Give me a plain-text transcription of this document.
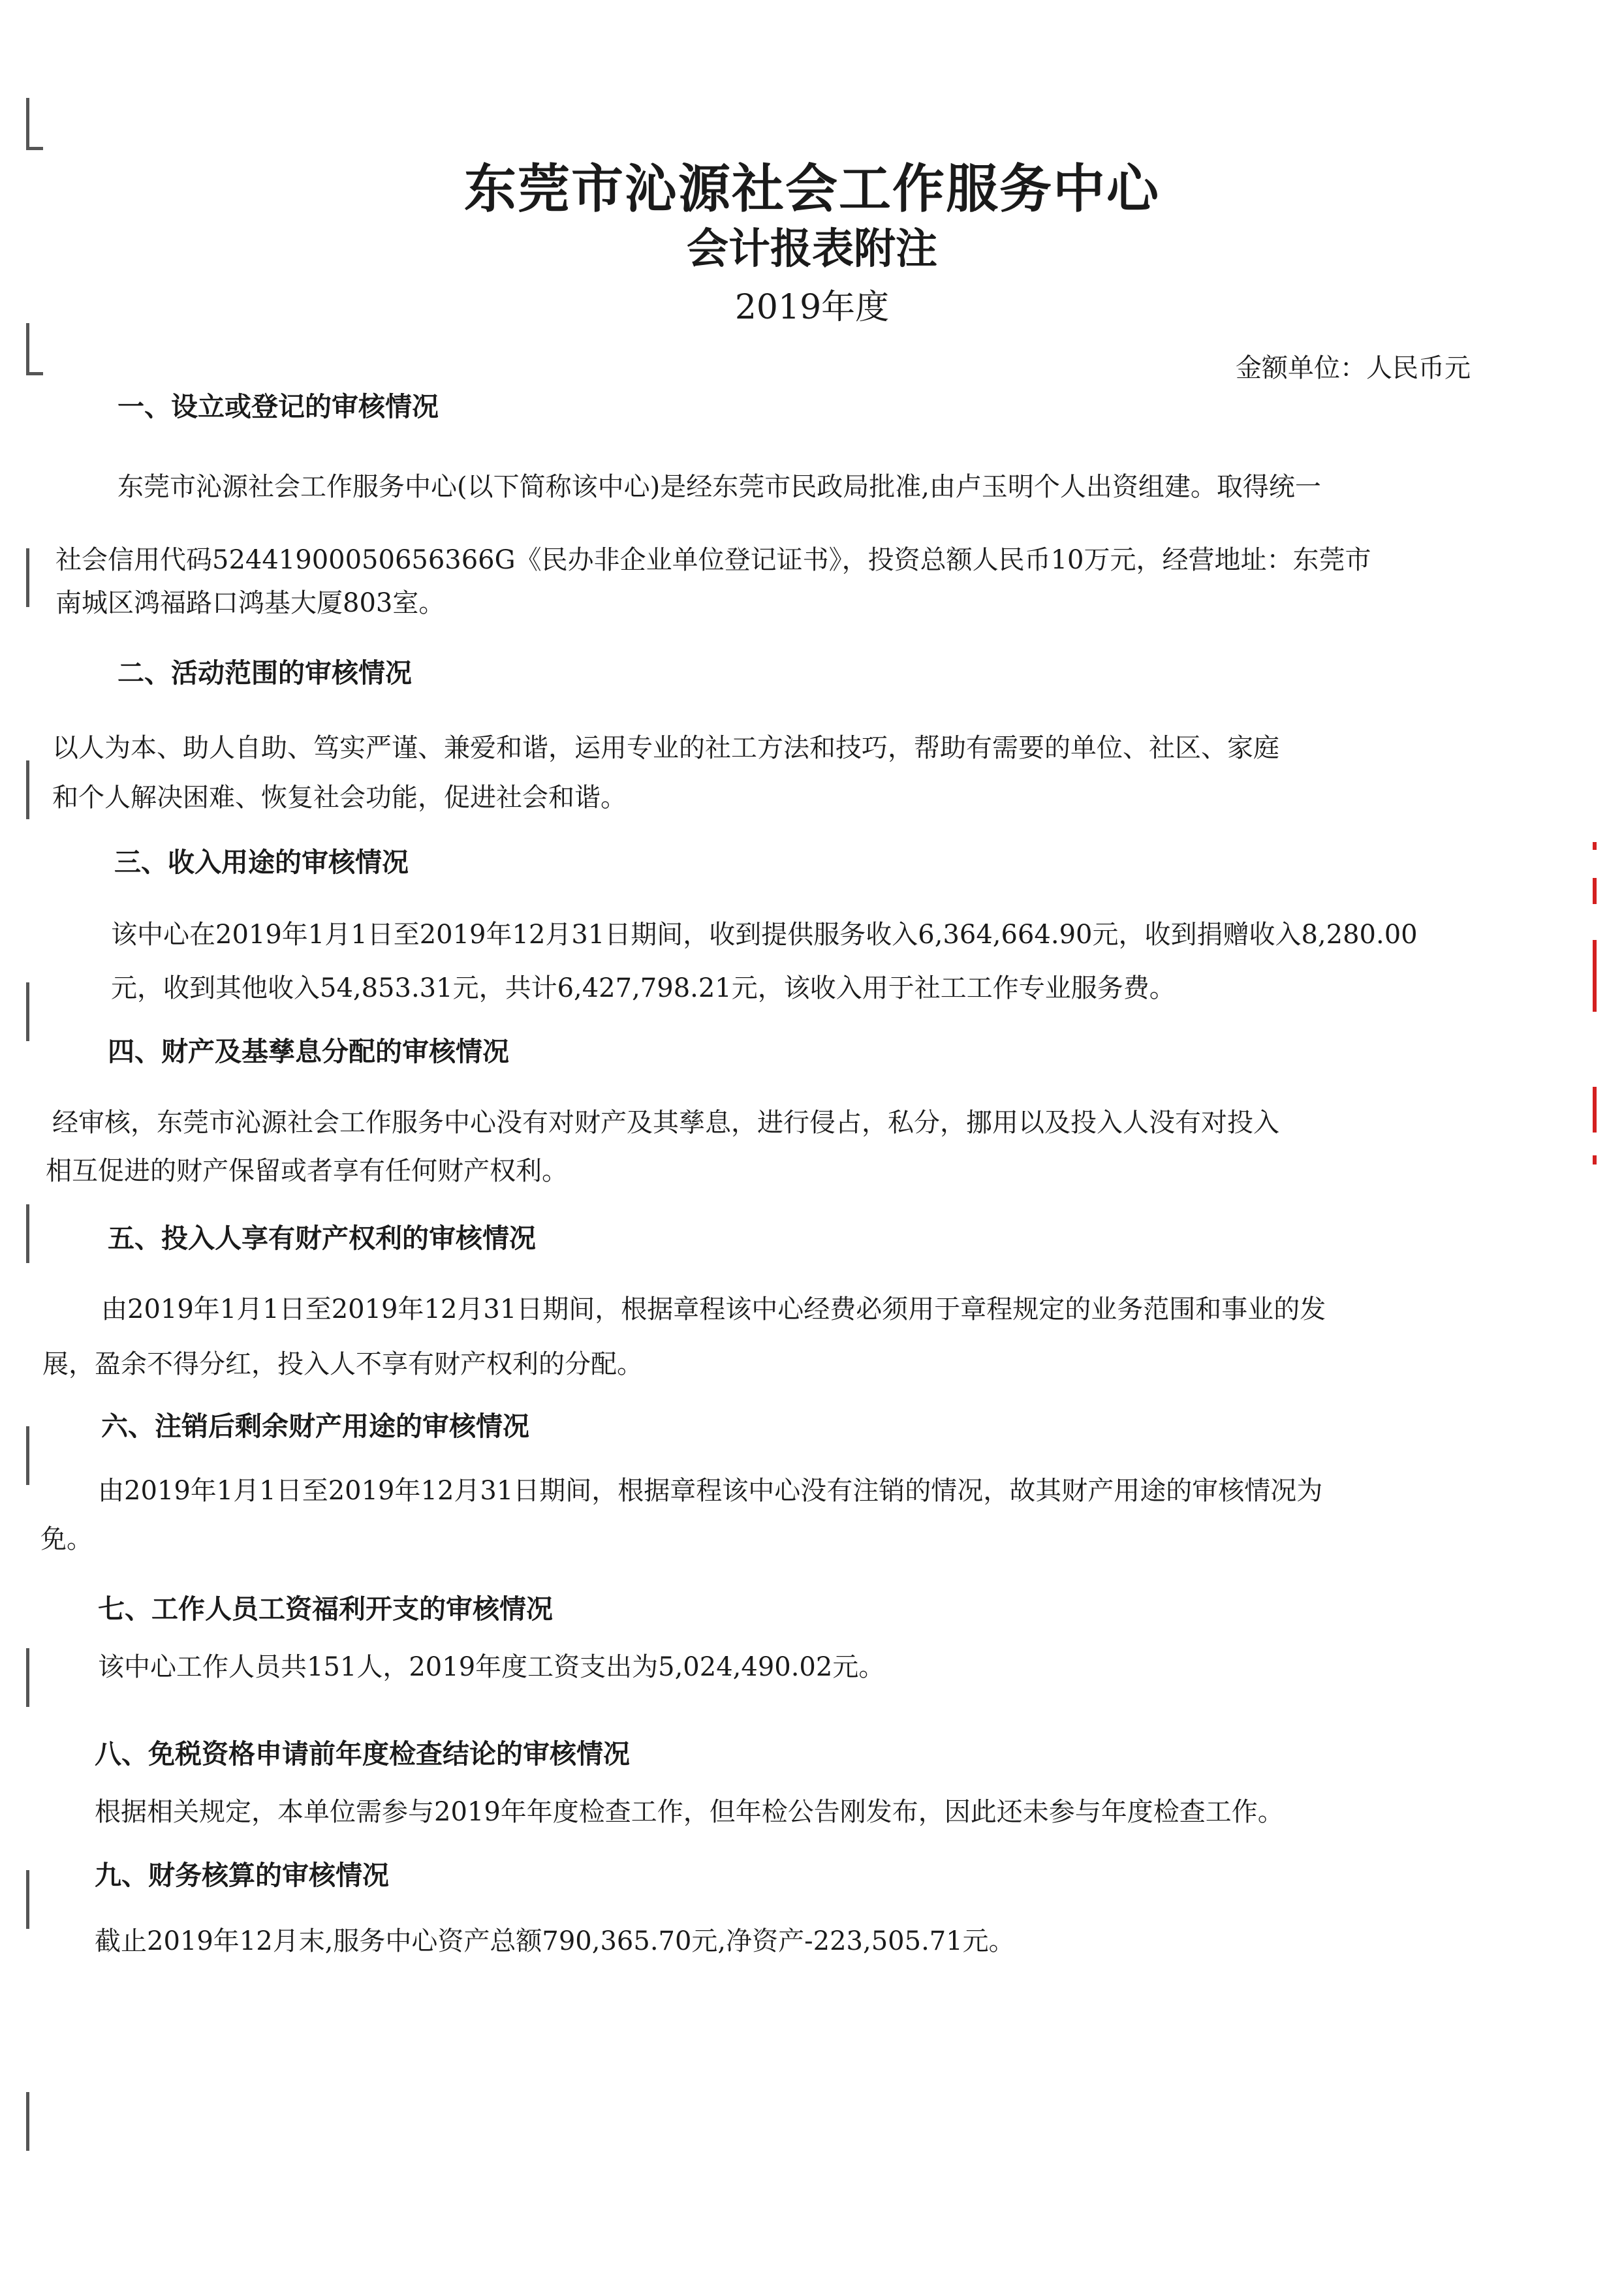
东莞市沁源社会工作服务中心
会计报表附注
2019年度
金额单位：人民币元
一、设立或登记的审核情况
东莞市沁源社会工作服务中心(以下简称该中心)是经东莞市民政局批准,由卢玉明个人出资组建。取得统一
社会信用代码52441900050656366G《民办非企业单位登记证书》，投资总额人民币10万元，经营地址：东莞市
南城区鸿福路口鸿基大厦803室。
二、活动范围的审核情况
以人为本、助人自助、笃实严谨、兼爱和谐，运用专业的社工方法和技巧，帮助有需要的单位、社区、家庭
和个人解决困难、恢复社会功能，促进社会和谐。
三、收入用途的审核情况
该中心在2019年1月1日至2019年12月31日期间，收到提供服务收入6,364,664.90元，收到捐赠收入8,280.00
元，收到其他收入54,853.31元，共计6,427,798.21元，该收入用于社工工作专业服务费。
四、财产及基孳息分配的审核情况
经审核，东莞市沁源社会工作服务中心没有对财产及其孳息，进行侵占，私分，挪用以及投入人没有对投入
相互促进的财产保留或者享有任何财产权利。
五、投入人享有财产权利的审核情况
由2019年1月1日至2019年12月31日期间，根据章程该中心经费必须用于章程规定的业务范围和事业的发
展，盈余不得分红，投入人不享有财产权利的分配。
六、注销后剩余财产用途的审核情况
由2019年1月1日至2019年12月31日期间，根据章程该中心没有注销的情况，故其财产用途的审核情况为
免。
七、工作人员工资福利开支的审核情况
该中心工作人员共151人，2019年度工资支出为5,024,490.02元。
八、免税资格申请前年度检查结论的审核情况
根据相关规定，本单位需参与2019年年度检查工作，但年检公告刚发布，因此还未参与年度检查工作。
九、财务核算的审核情况
截止2019年12月末,服务中心资产总额790,365.70元,净资产-223,505.71元。
